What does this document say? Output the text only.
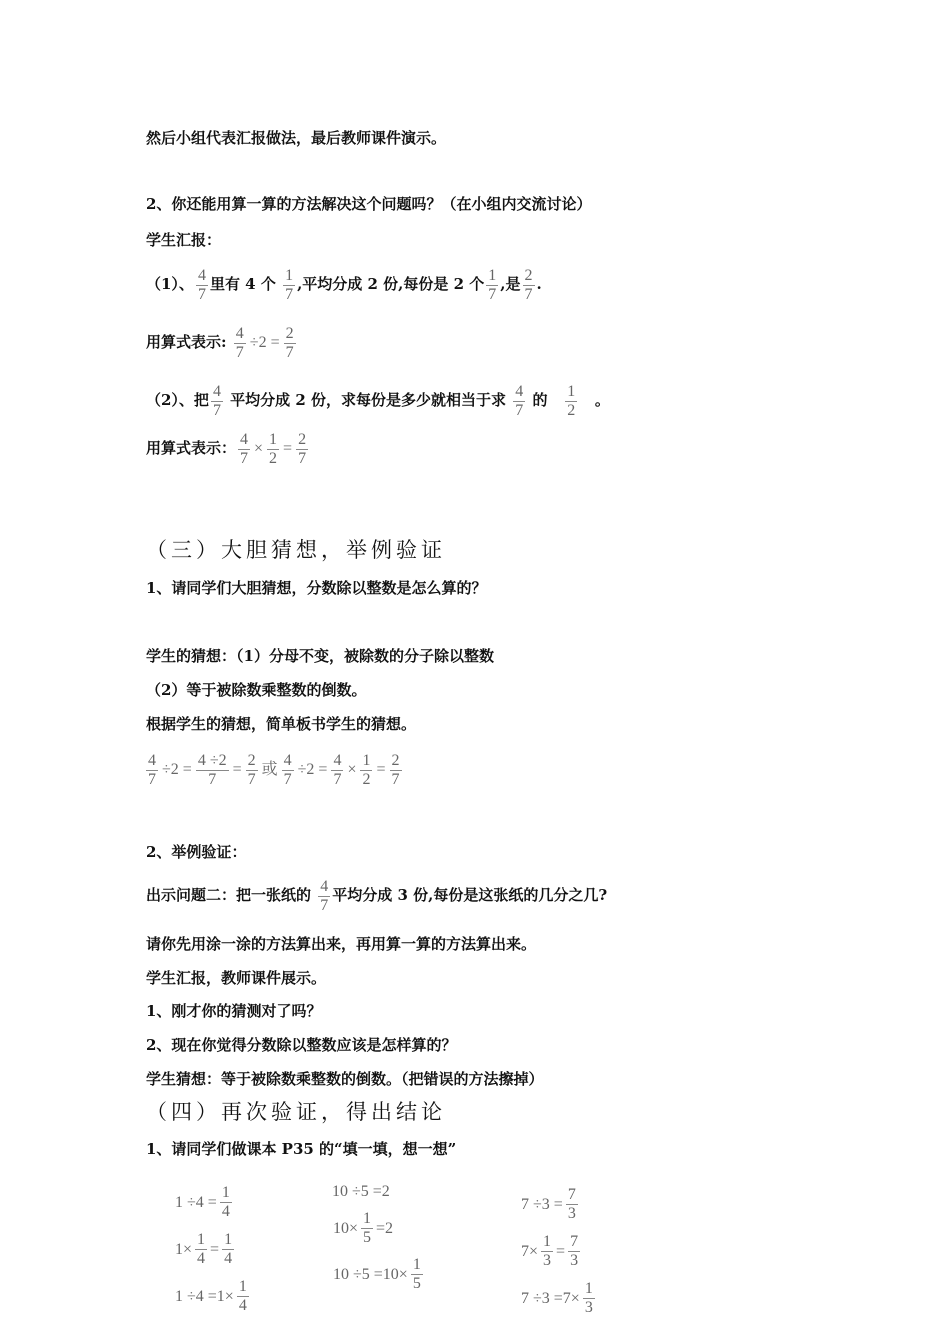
然后小组代表汇报做法，最后教师课件演示。
2、你还能用算一算的方法解决这个问题吗？（在小组内交流讨论）
学生汇报：
（1）、 $\frac{4}{7}$ 里有 4 个 $\frac{1}{7}$ ,平均分成 2 份,每份是 2 个 $\frac{1}{7}$ ,是 $\frac{2}{7}$ .
用算式表示: $\frac{4}{7} \div 2 = \frac{2}{7}$
（2）、把 $\frac{4}{7}$ 平均分成 2 份，求每份是多少就相当于求 $\frac{4}{7}$ 的 $\frac{1}{2}$ 。
用算式表示： $\frac{4}{7} \times \frac{1}{2} = \frac{2}{7}$
（三）大胆猜想，举例验证
1、请同学们大胆猜想，分数除以整数是怎么算的？
学生的猜想：（1）分母不变，被除数的分子除以整数
（2）等于被除数乘整数的倒数。
根据学生的猜想，简单板书学生的猜想。
$\frac{4}{7} \div 2 = \frac{4 \div 2}{7} = \frac{2}{7}$ 或 $\frac{4}{7} \div 2 = \frac{4}{7} \times \frac{1}{2} = \frac{2}{7}$
2、举例验证：
出示问题二：把一张纸的 $\frac{4}{7}$ 平均分成 3 份,每份是这张纸的几分之几?
请你先用涂一涂的方法算出来，再用算一算的方法算出来。
学生汇报，教师课件展示。
1、刚才你的猜测对了吗？
2、现在你觉得分数除以整数应该是怎样算的？
学生猜想：等于被除数乘整数的倒数。（把错误的方法擦掉）
（四）再次验证，得出结论
1、请同学们做课本 P35 的“填一填，想一想”
$1 \div 4 = \frac{1}{4}$
$1\times \frac{1}{4} = \frac{1}{4}$
$1 \div 4 =1\times \frac{1}{4}$
10 ÷5 =2
$10\times \frac{1}{5} =2$
$10 \div 5 =10\times \frac{1}{5}$
$7 \div 3 = \frac{7}{3}$
$7\times \frac{1}{3} = \frac{7}{3}$
$7 \div 3 =7\times \frac{1}{3}$
